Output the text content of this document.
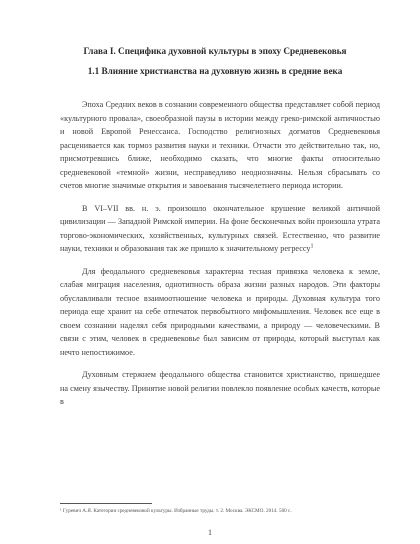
Глава I. Специфика духовной культуры в эпоху Средневековья
1.1 Влияние христианства на духовную жизнь в средние века

Эпоха Средних веков в сознании современного общества представляет собой период «культурного провала», своеобразной паузы в истории между греко-римской античностью и новой Европой Ренессанса. Господство религиозных догматов Средневековья расценивается как тормоз развития науки и техники. Отчасти это действительно так, но, присмотревшись ближе, необходимо сказать, что многие факты относительно средневековой «темной» жизни, несправедливо неоднозначны. Нельзя сбрасывать со счетов многие значимые открытия и завоевания тысячелетнего периода истории.

В VI–VII вв. н. э. произошло окончательное крушение великой античной цивилизации — Западной Римской империи. На фоне бесконечных войн произошла утрата торгово-экономических, хозяйственных, культурных связей. Естественно, что развитие науки, техники и образования так же пришло к значительному регрессу$^1$

Для феодального средневековья характерна тесная привязка человека к земле, слабая миграция населения, однотипность образа жизни разных народов. Эти факторы обуславливали тесное взаимоотношение человека и природы. Духовная культура того периода еще хранит на себе отпечаток первобытного мифомышления. Человек все еще в своем сознании наделял себя природными качествами, а природу — человеческими. В связи с этим, человек в средневековье был зависим от природы, который выступал как нечто непостижимое.

Духовным стержнем феодального общества становится христианство, пришедшее на смену язычеству. Принятие новой религии повлекло появление особых качеств, которые в

¹ Гуревич А.Я. Категории средневековой культуры. Избранные труды. т. 2. Москва. ЭКСМО. 2014. 500 с.
1
